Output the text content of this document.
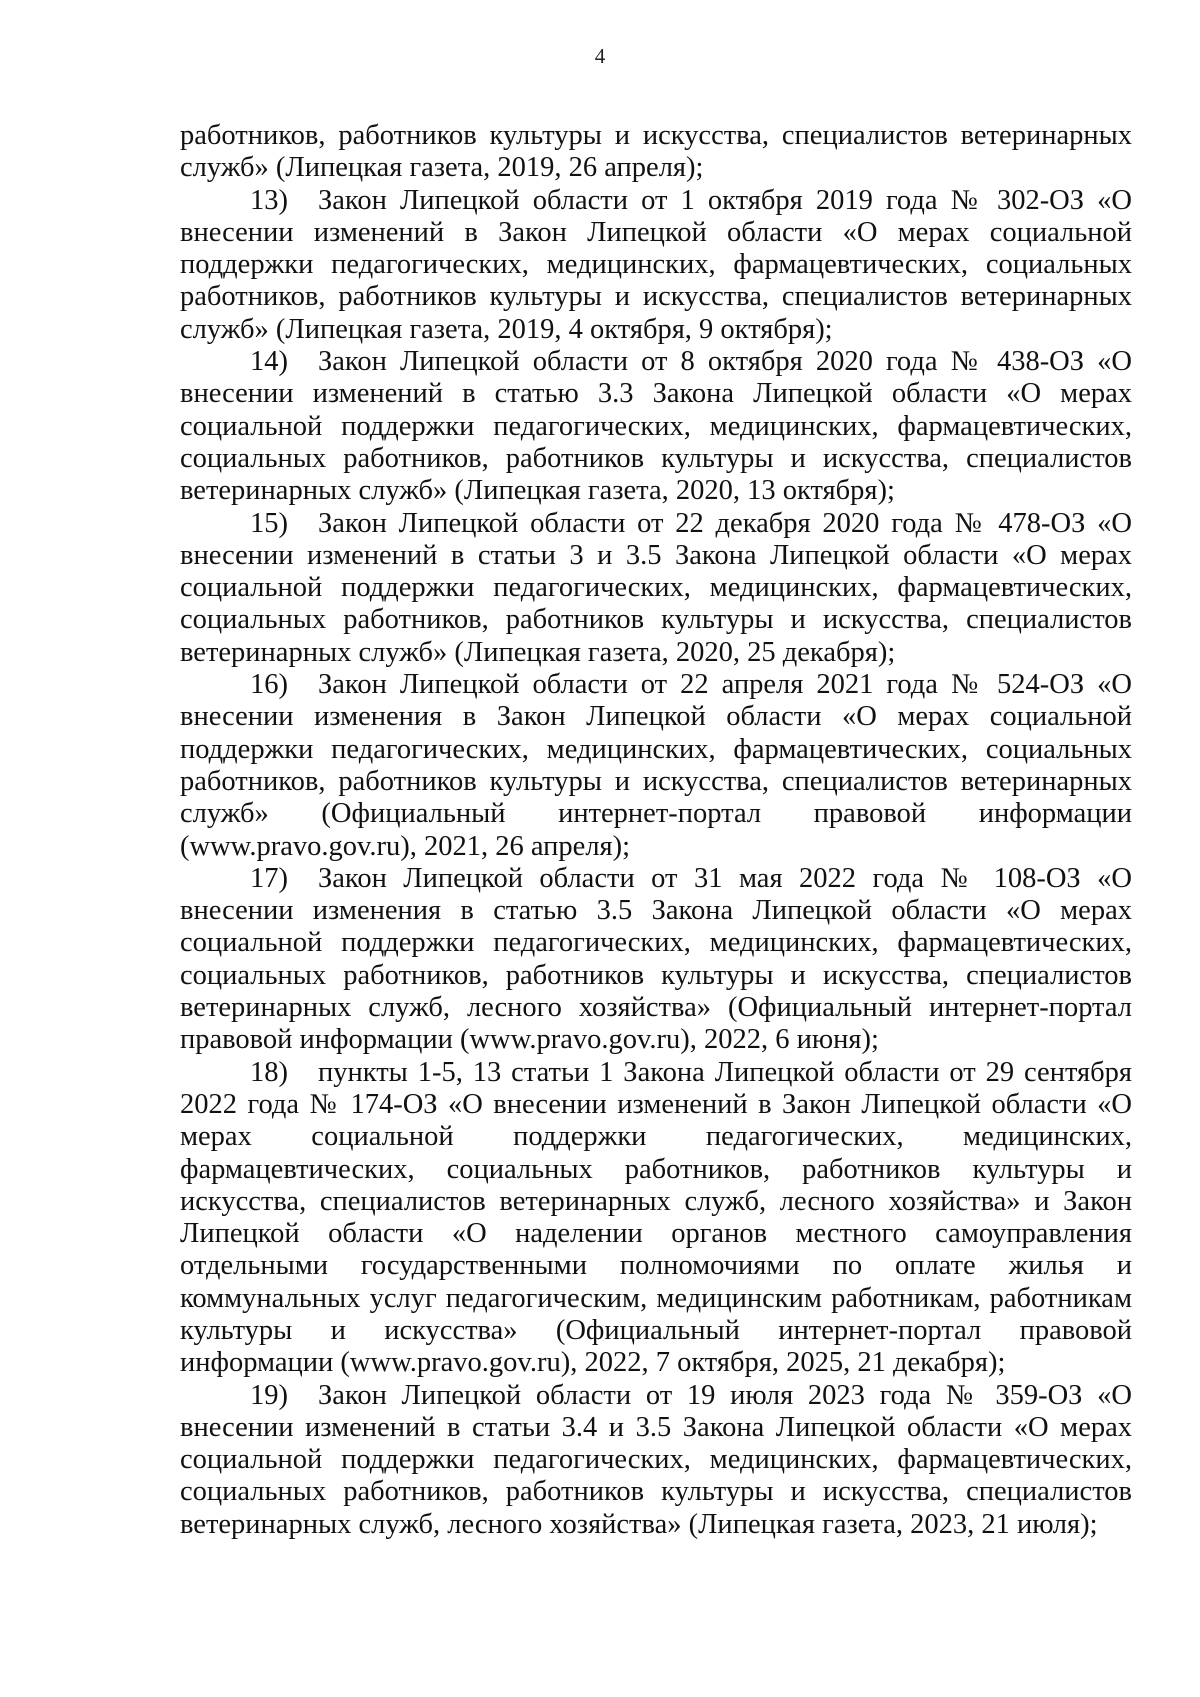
4

работников, работников культуры и искусства, специалистов ветеринарных служб» (Липецкая газета, 2019, 26 апреля);

13) Закон Липецкой области от 1 октября 2019 года № 302-ОЗ «О внесении изменений в Закон Липецкой области «О мерах социальной поддержки педагогических, медицинских, фармацевтических, социальных работников, работников культуры и искусства, специалистов ветеринарных служб» (Липецкая газета, 2019, 4 октября, 9 октября);

14) Закон Липецкой области от 8 октября 2020 года № 438-ОЗ «О внесении изменений в статью 3.3 Закона Липецкой области «О мерах социальной поддержки педагогических, медицинских, фармацевтических, социальных работников, работников культуры и искусства, специалистов ветеринарных служб» (Липецкая газета, 2020, 13 октября);

15) Закон Липецкой области от 22 декабря 2020 года № 478-ОЗ «О внесении изменений в статьи 3 и 3.5 Закона Липецкой области «О мерах социальной поддержки педагогических, медицинских, фармацевтических, социальных работников, работников культуры и искусства, специалистов ветеринарных служб» (Липецкая газета, 2020, 25 декабря);

16) Закон Липецкой области от 22 апреля 2021 года № 524-ОЗ «О внесении изменения в Закон Липецкой области «О мерах социальной поддержки педагогических, медицинских, фармацевтических, социальных работников, работников культуры и искусства, специалистов ветеринарных служб» (Официальный интернет-портал правовой информации (www.pravo.gov.ru), 2021, 26 апреля);

17) Закон Липецкой области от 31 мая 2022 года № 108-ОЗ «О внесении изменения в статью 3.5 Закона Липецкой области «О мерах социальной поддержки педагогических, медицинских, фармацевтических, социальных работников, работников культуры и искусства, специалистов ветеринарных служб, лесного хозяйства» (Официальный интернет-портал правовой информации (www.pravo.gov.ru), 2022, 6 июня);

18) пункты 1-5, 13 статьи 1 Закона Липецкой области от 29 сентября 2022 года № 174-ОЗ «О внесении изменений в Закон Липецкой области «О мерах социальной поддержки педагогических, медицинских, фармацевтических, социальных работников, работников культуры и искусства, специалистов ветеринарных служб, лесного хозяйства» и Закон Липецкой области «О наделении органов местного самоуправления отдельными государственными полномочиями по оплате жилья и коммунальных услуг педагогическим, медицинским работникам, работникам культуры и искусства» (Официальный интернет-портал правовой информации (www.pravo.gov.ru), 2022, 7 октября, 2025, 21 декабря);

19) Закон Липецкой области от 19 июля 2023 года № 359-ОЗ «О внесении изменений в статьи 3.4 и 3.5 Закона Липецкой области «О мерах социальной поддержки педагогических, медицинских, фармацевтических, социальных работников, работников культуры и искусства, специалистов ветеринарных служб, лесного хозяйства» (Липецкая газета, 2023, 21 июля);
